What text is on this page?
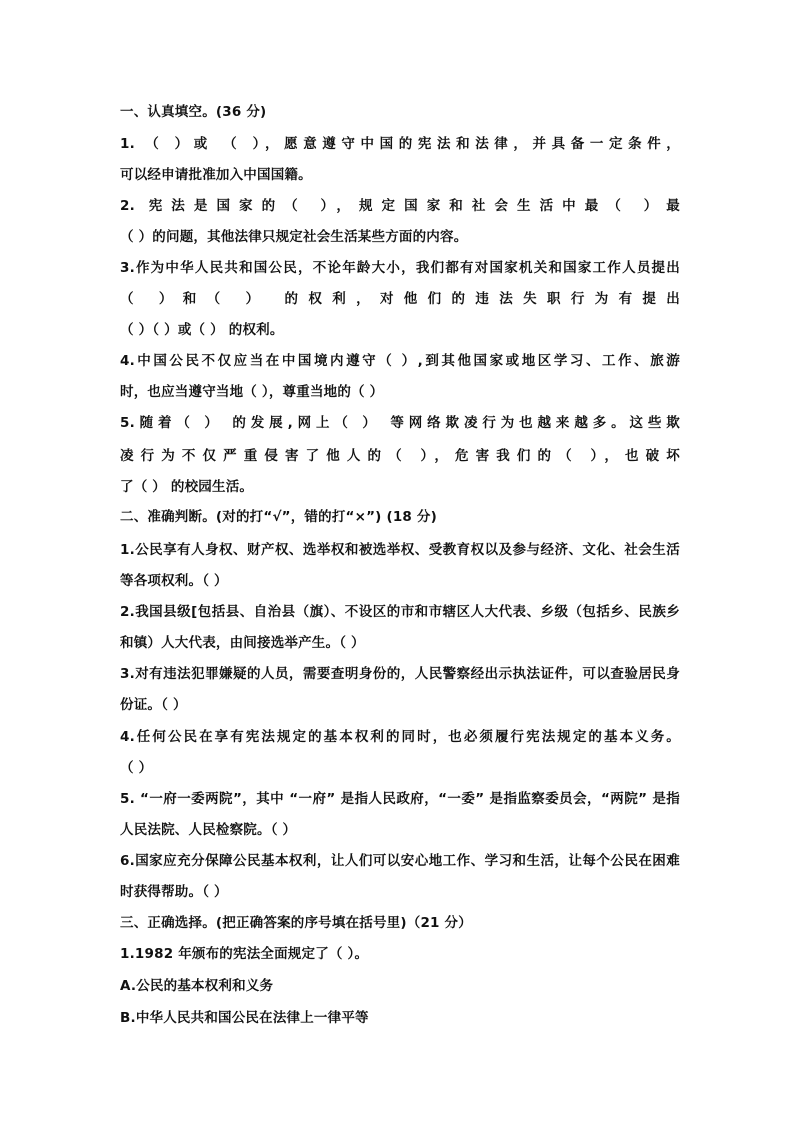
一、认真填空。(36 分)
1. （ ）或 （ ），愿意遵守中国的宪法和法律，并具备一定条件，
可以经申请批准加入中国国籍。
2. 宪法是国家的（ ），规定国家和社会生活中最（ ）最
（ ）的问题，其他法律只规定社会生活某些方面的内容。
3.作为中华人民共和国公民，不论年龄大小，我们都有对国家机关和国家工作人员提出
（ ）和（ ） 的权利，对他们的违法失职行为有提出
（ ）（ ）或（ ） 的权利。
4.中国公民不仅应当在中国境内遵守（ ）,到其他国家或地区学习、工作、旅游
时，也应当遵守当地（ ），尊重当地的（ ）
5.随着（ ） 的发展,网上（ ） 等网络欺凌行为也越来越多。这些欺
凌行为不仅严重侵害了他人的（ ），危害我们的（ ），也破坏
了（ ） 的校园生活。
二、准确判断。(对的打“√”，错的打“×”) (18 分)
1.公民享有人身权、财产权、选举权和被选举权、受教育权以及参与经济、文化、社会生活
等各项权利。（ ）
2.我国县级[包括县、自治县（旗）、不设区的市和市辖区人大代表、乡级（包括乡、民族乡
和镇）人大代表，由间接选举产生。（ ）
3.对有违法犯罪嫌疑的人员，需要查明身份的，人民警察经出示执法证件，可以查验居民身
份证。（ ）
4.任何公民在享有宪法规定的基本权利的同时，也必须履行宪法规定的基本义务。
（ ）
5. “一府一委两院”，其中 “一府” 是指人民政府，“一委” 是指监察委员会，“两院” 是指
人民法院、人民检察院。（ ）
6.国家应充分保障公民基本权利，让人们可以安心地工作、学习和生活，让每个公民在困难
时获得帮助。（ ）
三、正确选择。(把正确答案的序号填在括号里)（21 分）
1.1982 年颁布的宪法全面规定了（ ）。
A.公民的基本权利和义务
B.中华人民共和国公民在法律上一律平等
